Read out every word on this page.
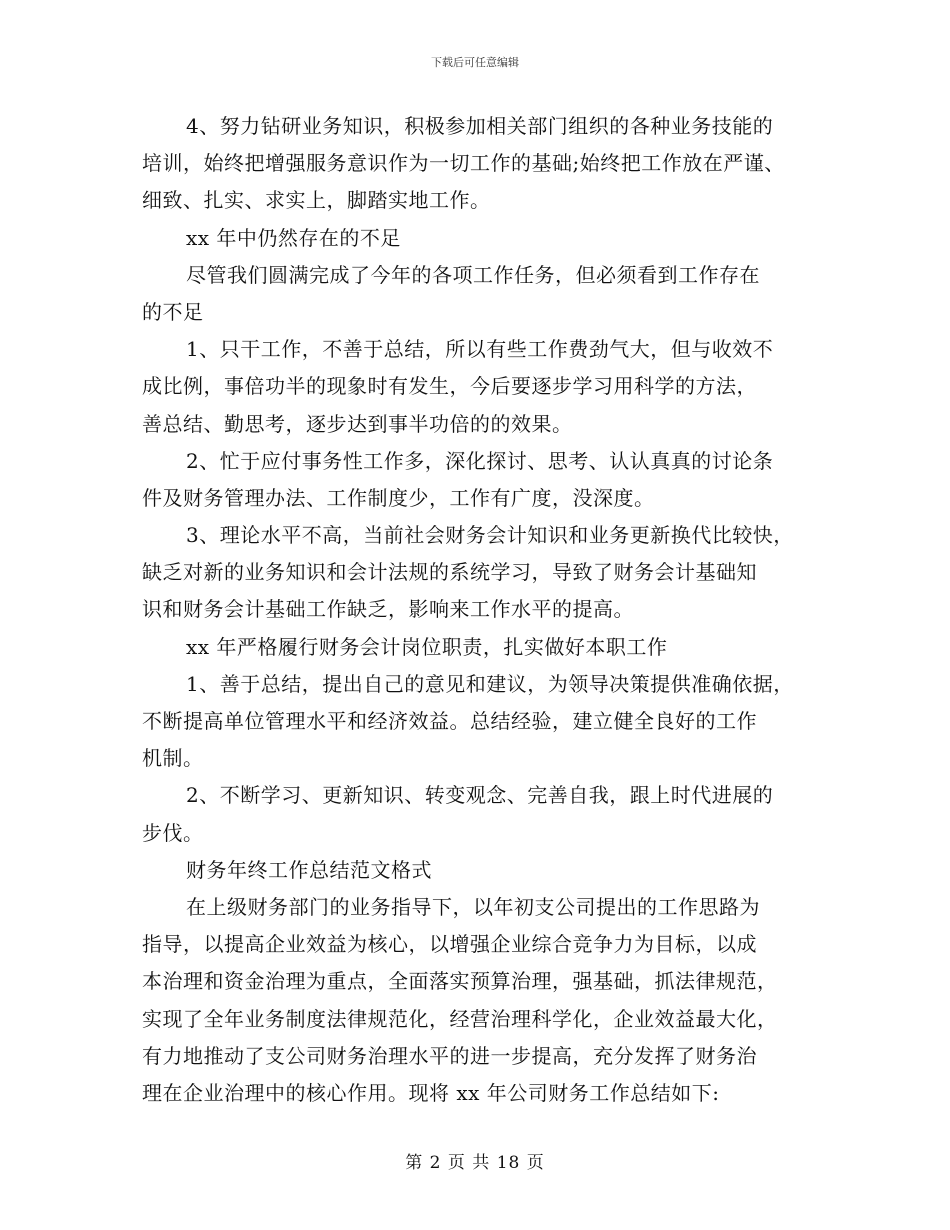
下载后可任意编辑
4、努力钻研业务知识，积极参加相关部门组织的各种业务技能的
培训，始终把增强服务意识作为一切工作的基础;始终把工作放在严谨、
细致、扎实、求实上，脚踏实地工作。
xx 年中仍然存在的不足
尽管我们圆满完成了今年的各项工作任务，但必须看到工作存在
的不足
1、只干工作，不善于总结，所以有些工作费劲气大，但与收效不
成比例，事倍功半的现象时有发生，今后要逐步学习用科学的方法，
善总结、勤思考，逐步达到事半功倍的的效果。
2、忙于应付事务性工作多，深化探讨、思考、认认真真的讨论条
件及财务管理办法、工作制度少，工作有广度，没深度。
3、理论水平不高，当前社会财务会计知识和业务更新换代比较快，
缺乏对新的业务知识和会计法规的系统学习，导致了财务会计基础知
识和财务会计基础工作缺乏，影响来工作水平的提高。
xx 年严格履行财务会计岗位职责，扎实做好本职工作
1、善于总结，提出自己的意见和建议，为领导决策提供准确依据，
不断提高单位管理水平和经济效益。总结经验，建立健全良好的工作
机制。
2、不断学习、更新知识、转变观念、完善自我，跟上时代进展的
步伐。
财务年终工作总结范文格式
在上级财务部门的业务指导下，以年初支公司提出的工作思路为
指导，以提高企业效益为核心，以增强企业综合竞争力为目标，以成
本治理和资金治理为重点，全面落实预算治理，强基础，抓法律规范，
实现了全年业务制度法律规范化，经营治理科学化，企业效益最大化，
有力地推动了支公司财务治理水平的进一步提高，充分发挥了财务治
理在企业治理中的核心作用。现将 xx 年公司财务工作总结如下:
第 2 页 共 18 页
